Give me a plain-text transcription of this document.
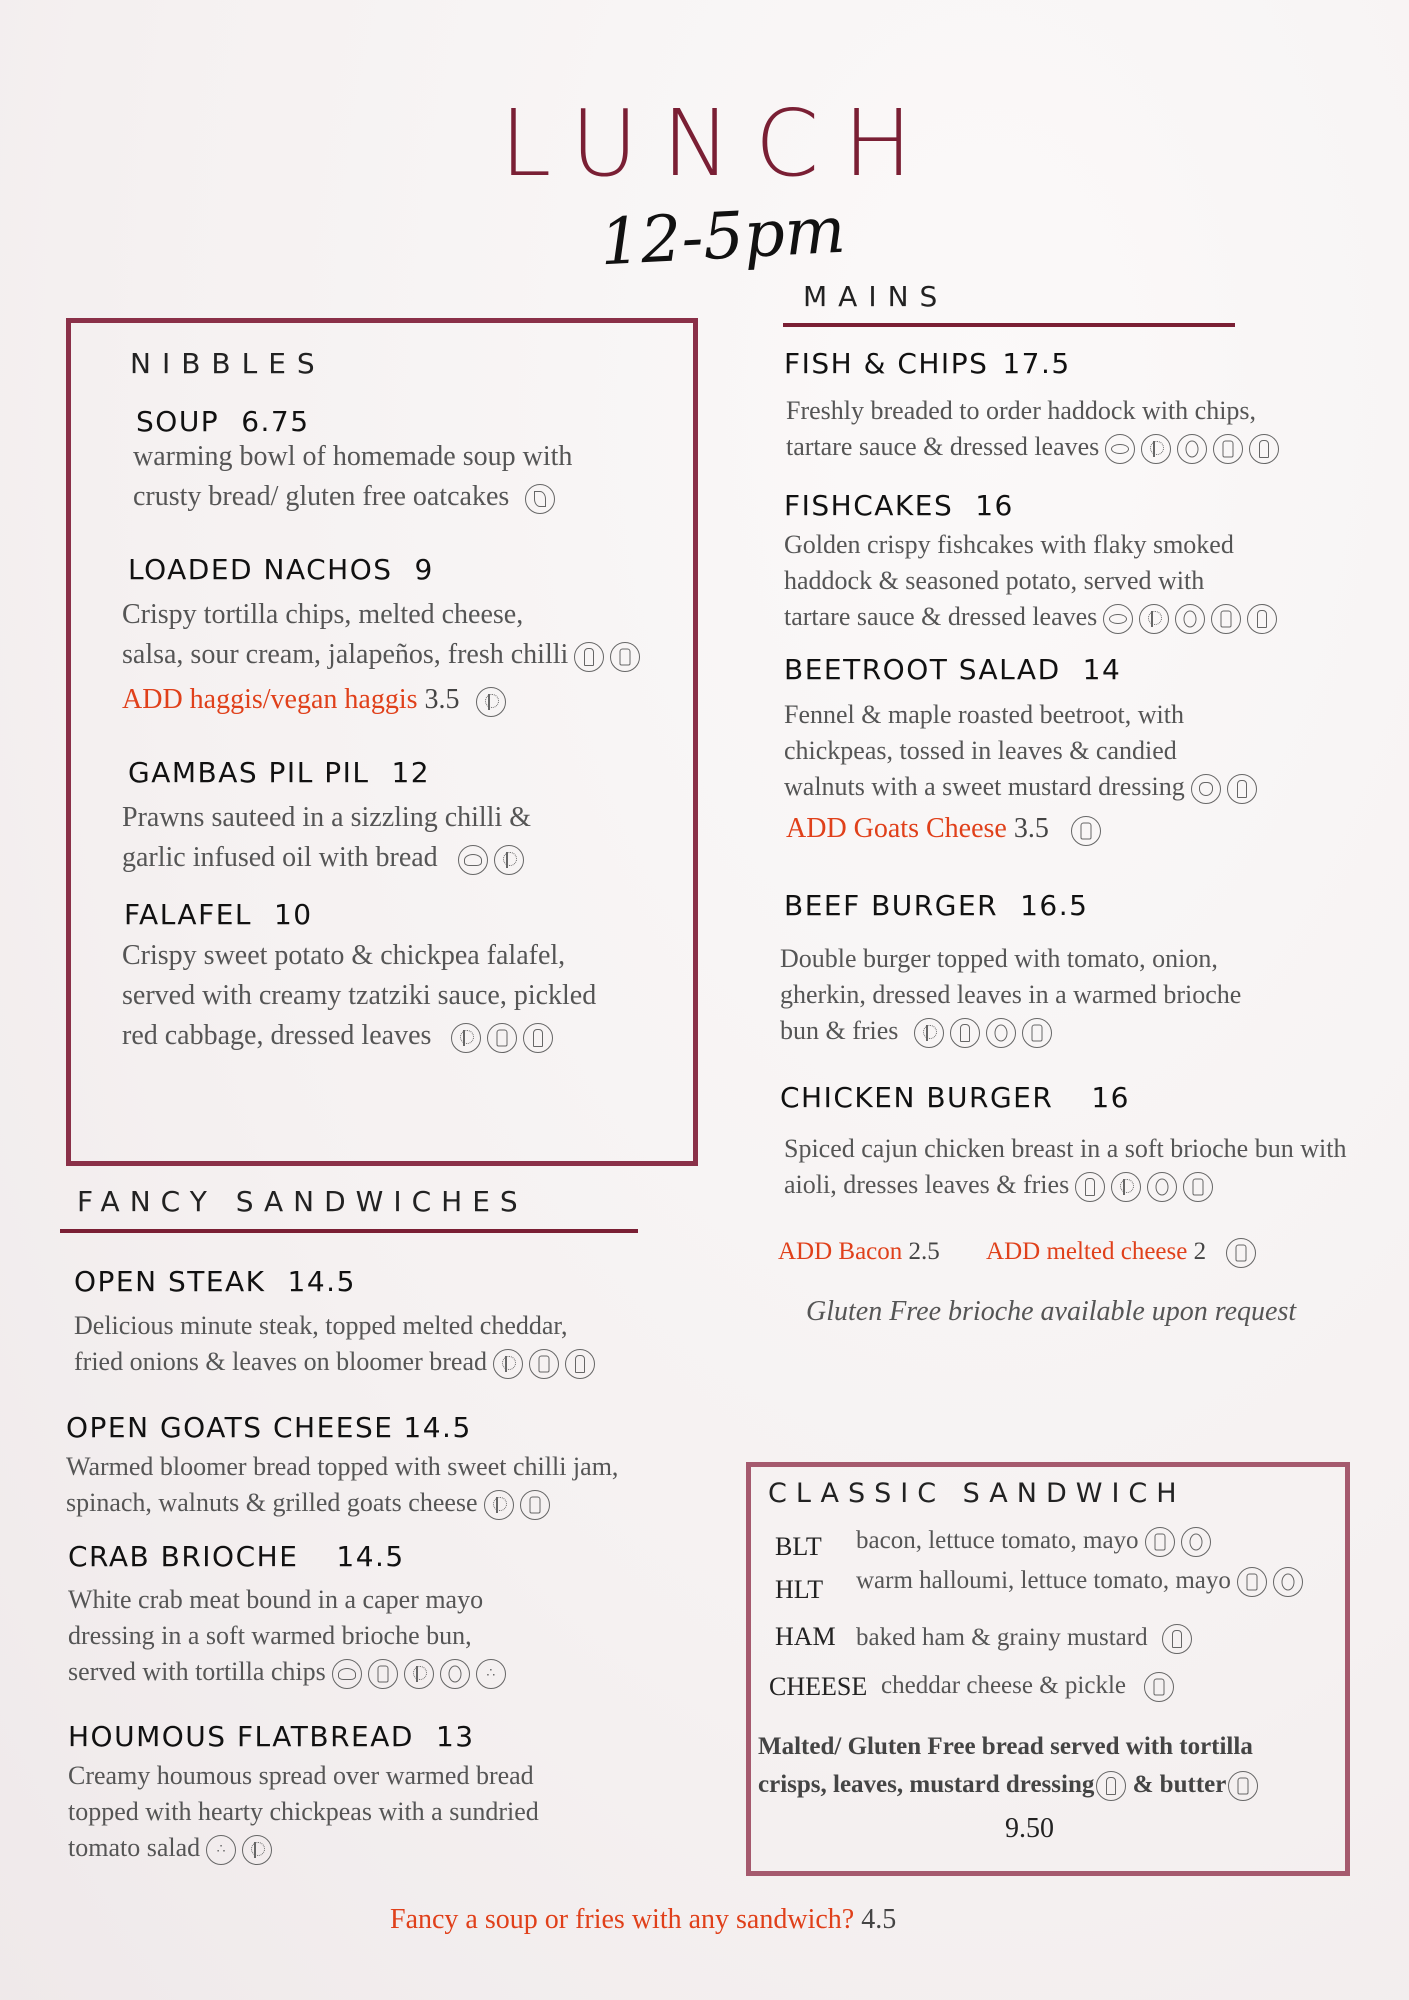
LUNCH
12-5pm
NIBBLES
SOUP 6.75
warming bowl of homemade soup with
crusty bread/ gluten free oatcakes
LOADED NACHOS 9
Crispy tortilla chips, melted cheese,
salsa, sour cream, jalapeños, fresh chilli
ADD haggis/vegan haggis 3.5
GAMBAS PIL PIL 12
Prawns sauteed in a sizzling chilli &
garlic infused oil with bread
FALAFEL 10
Crispy sweet potato & chickpea falafel,
served with creamy tzatziki sauce, pickled
red cabbage, dressed leaves
MAINS
FISH & CHIPS 17.5
Freshly breaded to order haddock with chips,
tartare sauce & dressed leaves
FISHCAKES 16
Golden crispy fishcakes with flaky smoked
haddock & seasoned potato, served with
tartare sauce & dressed leaves
BEETROOT SALAD 14
Fennel & maple roasted beetroot, with
chickpeas, tossed in leaves & candied
walnuts with a sweet mustard dressing
ADD Goats Cheese 3.5
BEEF BURGER 16.5
Double burger topped with tomato, onion,
gherkin, dressed leaves in a warmed brioche
bun & fries
CHICKEN BURGER 16
Spiced cajun chicken breast in a soft brioche bun with
aioli, dresses leaves & fries
ADD Bacon 2.5 ADD melted cheese 2
Gluten Free brioche available upon request
FANCY SANDWICHES
OPEN STEAK 14.5
Delicious minute steak, topped melted cheddar,
fried onions & leaves on bloomer bread
OPEN GOATS CHEESE 14.5
Warmed bloomer bread topped with sweet chilli jam,
spinach, walnuts & grilled goats cheese
CRAB BRIOCHE 14.5
White crab meat bound in a caper mayo
dressing in a soft warmed brioche bun,
served with tortilla chips∴
HOUMOUS FLATBREAD 13
Creamy houmous spread over warmed bread
topped with hearty chickpeas with a sundried
tomato salad∴
CLASSIC SANDWICH
BLT bacon, lettuce tomato, mayo
HLT warm halloumi, lettuce tomato, mayo
HAM baked ham & grainy mustard
CHEESE cheddar cheese & pickle
Malted/ Gluten Free bread served with tortilla
crisps, leaves, mustard dressing & butter
9.50
Fancy a soup or fries with any sandwich? 4.5
